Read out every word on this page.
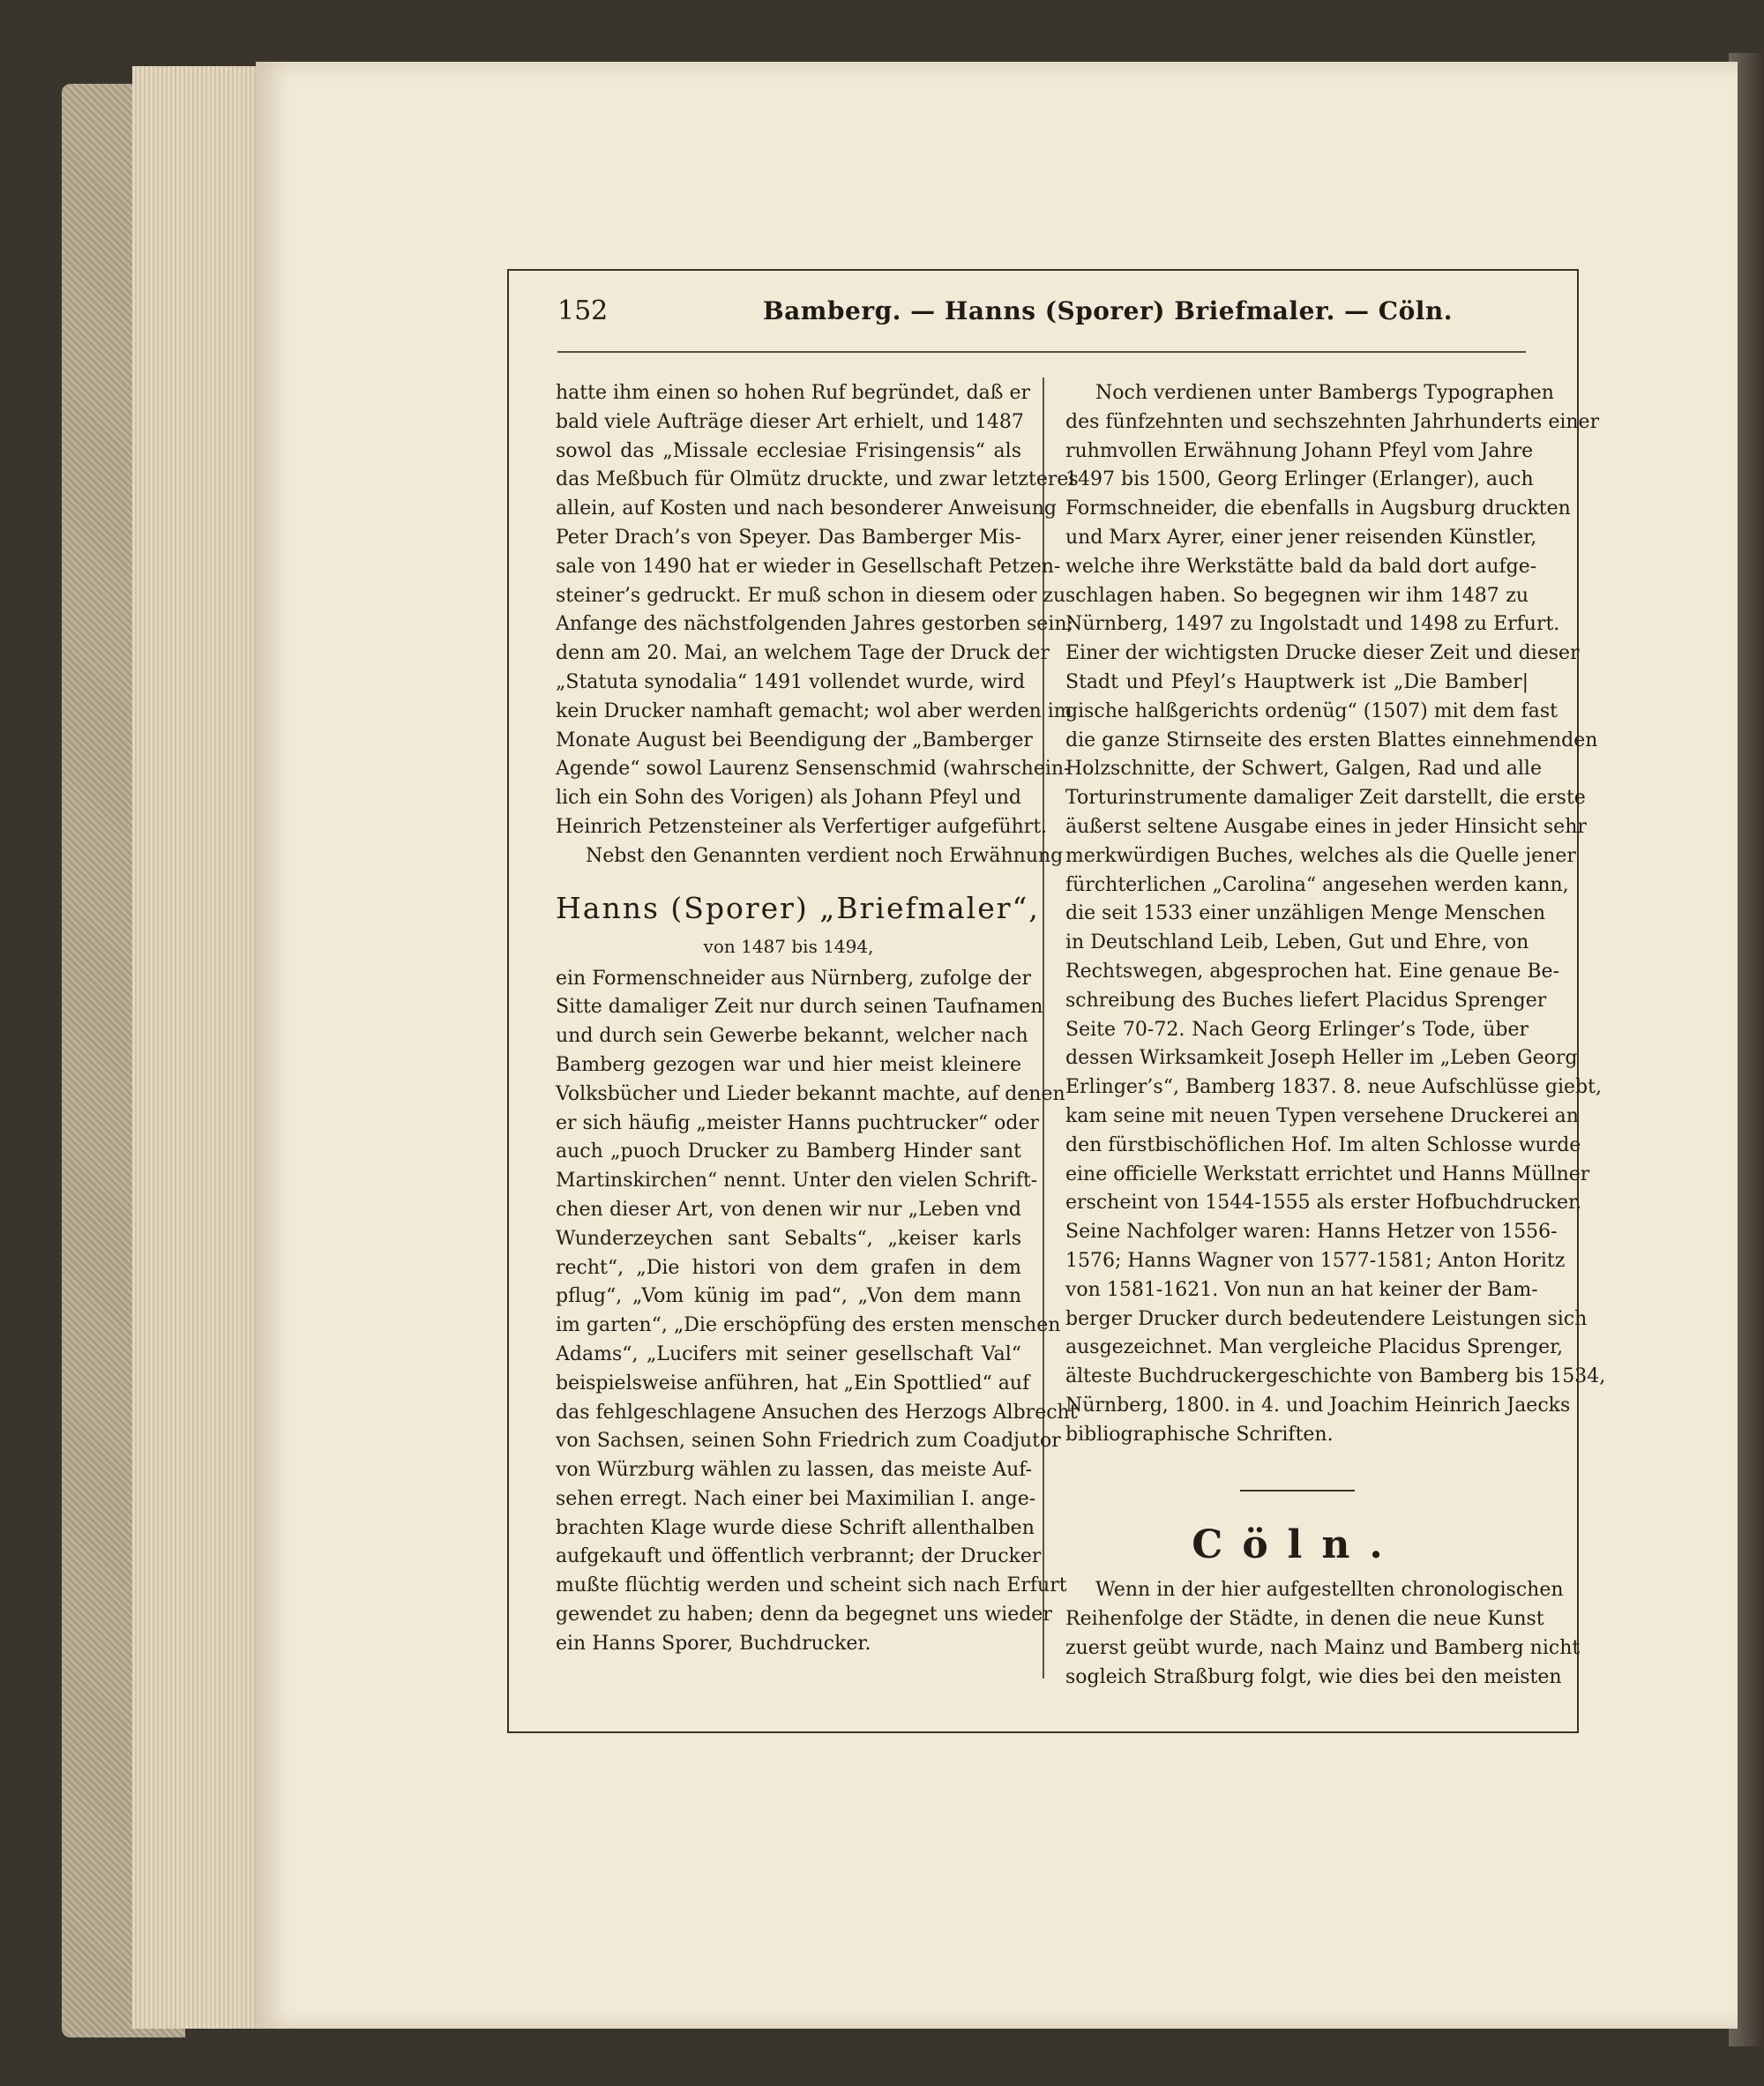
152	Bamberg. — Hanns (Sporer) Briefmaler. — Cöln.
hatte ihm einen so hohen Ruf begründet, daß er
bald viele Aufträge dieser Art erhielt, und 1487
sowol das „Missale ecclesiae Frisingensis“ als
das Meßbuch für Olmütz druckte, und zwar letzteres
allein, auf Kosten und nach besonderer Anweisung
Peter Drach’s von Speyer. Das Bamberger Mis-
sale von 1490 hat er wieder in Gesellschaft Petzen-
steiner’s gedruckt. Er muß schon in diesem oder zu
Anfange des nächstfolgenden Jahres gestorben sein;
denn am 20. Mai, an welchem Tage der Druck der
„Statuta synodalia“ 1491 vollendet wurde, wird
kein Drucker namhaft gemacht; wol aber werden im
Monate August bei Beendigung der „Bamberger
Agende“ sowol Laurenz Sensenschmid (wahrschein-
lich ein Sohn des Vorigen) als Johann Pfeyl und
Heinrich Petzensteiner als Verfertiger aufgeführt.
Nebst den Genannten verdient noch Erwähnung
Hanns (Sporer) „Briefmaler“,
von 1487 bis 1494,
ein Formenschneider aus Nürnberg, zufolge der
Sitte damaliger Zeit nur durch seinen Taufnamen
und durch sein Gewerbe bekannt, welcher nach
Bamberg gezogen war und hier meist kleinere
Volksbücher und Lieder bekannt machte, auf denen
er sich häufig „meister Hanns puchtrucker“ oder
auch „puoch Drucker zu Bamberg Hinder sant
Martinskirchen“ nennt. Unter den vielen Schrift-
chen dieser Art, von denen wir nur „Leben vnd
Wunderzeychen sant Sebalts“, „keiser karls
recht“, „Die histori von dem grafen in dem
pflug“, „Vom künig im pad“, „Von dem mann
im garten“, „Die erschöpfüng des ersten menschen
Adams“, „Lucifers mit seiner gesellschaft Val“
beispielsweise anführen, hat „Ein Spottlied“ auf
das fehlgeschlagene Ansuchen des Herzogs Albrecht
von Sachsen, seinen Sohn Friedrich zum Coadjutor
von Würzburg wählen zu lassen, das meiste Auf-
sehen erregt. Nach einer bei Maximilian I. ange-
brachten Klage wurde diese Schrift allenthalben
aufgekauft und öffentlich verbrannt; der Drucker
mußte flüchtig werden und scheint sich nach Erfurt
gewendet zu haben; denn da begegnet uns wieder
ein Hanns Sporer, Buchdrucker.
Noch verdienen unter Bambergs Typographen
des fünfzehnten und sechszehnten Jahrhunderts einer
ruhmvollen Erwähnung Johann Pfeyl vom Jahre
1497 bis 1500, Georg Erlinger (Erlanger), auch
Formschneider, die ebenfalls in Augsburg druckten
und Marx Ayrer, einer jener reisenden Künstler,
welche ihre Werkstätte bald da bald dort aufge-
schlagen haben. So begegnen wir ihm 1487 zu
Nürnberg, 1497 zu Ingolstadt und 1498 zu Erfurt.
Einer der wichtigsten Drucke dieser Zeit und dieser
Stadt und Pfeyl’s Hauptwerk ist „Die Bamber|
gische halßgerichts ordenüg“ (1507) mit dem fast
die ganze Stirnseite des ersten Blattes einnehmenden
Holzschnitte, der Schwert, Galgen, Rad und alle
Torturinstrumente damaliger Zeit darstellt, die erste
äußerst seltene Ausgabe eines in jeder Hinsicht sehr
merkwürdigen Buches, welches als die Quelle jener
fürchterlichen „Carolina“ angesehen werden kann,
die seit 1533 einer unzähligen Menge Menschen
in Deutschland Leib, Leben, Gut und Ehre, von
Rechtswegen, abgesprochen hat. Eine genaue Be-
schreibung des Buches liefert Placidus Sprenger
Seite 70-72. Nach Georg Erlinger’s Tode, über
dessen Wirksamkeit Joseph Heller im „Leben Georg
Erlinger’s“, Bamberg 1837. 8. neue Aufschlüsse giebt,
kam seine mit neuen Typen versehene Druckerei an
den fürstbischöflichen Hof. Im alten Schlosse wurde
eine officielle Werkstatt errichtet und Hanns Müllner
erscheint von 1544-1555 als erster Hofbuchdrucker.
Seine Nachfolger waren: Hanns Hetzer von 1556-
1576; Hanns Wagner von 1577-1581; Anton Horitz
von 1581-1621. Von nun an hat keiner der Bam-
berger Drucker durch bedeutendere Leistungen sich
ausgezeichnet. Man vergleiche Placidus Sprenger,
älteste Buchdruckergeschichte von Bamberg bis 1534,
Nürnberg, 1800. in 4. und Joachim Heinrich Jaecks
bibliographische Schriften.
Cöln.
Wenn in der hier aufgestellten chronologischen
Reihenfolge der Städte, in denen die neue Kunst
zuerst geübt wurde, nach Mainz und Bamberg nicht
sogleich Straßburg folgt, wie dies bei den meisten
